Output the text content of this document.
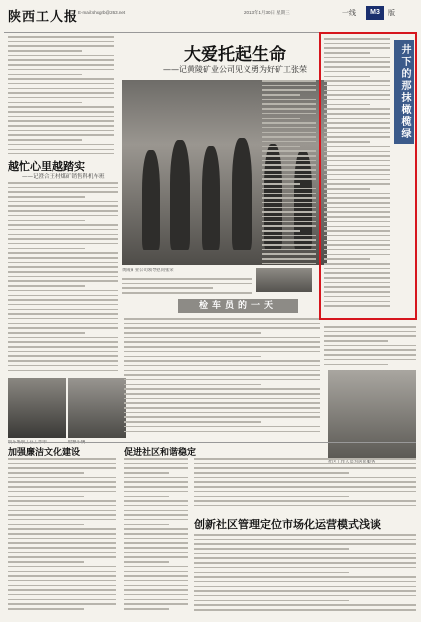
陕西工人报 E-mail:shxgrb@263.net	2013年1月30日 星期三	一线	M3	版
大爱托起生命
——记黄陵矿业公司见义勇为好矿工张荣
黄陵矿业公司领导慰问张荣
越忙心里越踏实
——记澄合王村煤矿销售科机车班
检车员的一天
井下的那抹橄榄绿
加强廉洁文化建设	促进社区和谐稳定
创新社区管理定位市场化运营模式浅谈
